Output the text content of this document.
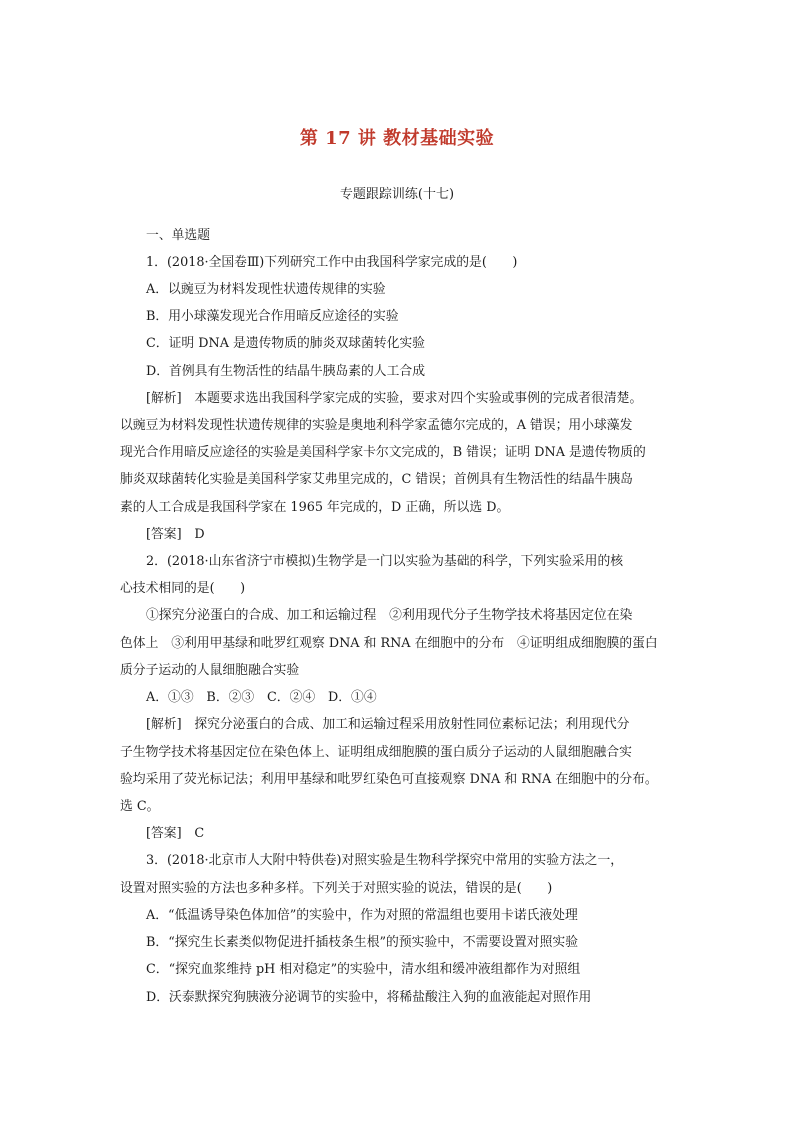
第 17 讲 教材基础实验
专题跟踪训练(十七)
一、单选题
1．(2018·全国卷Ⅲ)下列研究工作中由我国科学家完成的是(　　)
A．以豌豆为材料发现性状遗传规律的实验
B．用小球藻发现光合作用暗反应途径的实验
C．证明 DNA 是遗传物质的肺炎双球菌转化实验
D．首例具有生物活性的结晶牛胰岛素的人工合成
[解析]　本题要求选出我国科学家完成的实验，要求对四个实验或事例的完成者很清楚。
以豌豆为材料发现性状遗传规律的实验是奥地利科学家孟德尔完成的，A 错误；用小球藻发
现光合作用暗反应途径的实验是美国科学家卡尔文完成的，B 错误；证明 DNA 是遗传物质的
肺炎双球菌转化实验是美国科学家艾弗里完成的，C 错误；首例具有生物活性的结晶牛胰岛
素的人工合成是我国科学家在 1965 年完成的，D 正确，所以选 D。
[答案]　D
2．(2018·山东省济宁市模拟)生物学是一门以实验为基础的科学，下列实验采用的核
心技术相同的是(　　)
①探究分泌蛋白的合成、加工和运输过程　②利用现代分子生物学技术将基因定位在染
色体上　③利用甲基绿和吡罗红观察 DNA 和 RNA 在细胞中的分布　④证明组成细胞膜的蛋白
质分子运动的人鼠细胞融合实验
A．①③　B．②③　C．②④　D．①④
[解析]　探究分泌蛋白的合成、加工和运输过程采用放射性同位素标记法；利用现代分
子生物学技术将基因定位在染色体上、证明组成细胞膜的蛋白质分子运动的人鼠细胞融合实
验均采用了荧光标记法；利用甲基绿和吡罗红染色可直接观察 DNA 和 RNA 在细胞中的分布。
选 C。
[答案]　C
3．(2018·北京市人大附中特供卷)对照实验是生物科学探究中常用的实验方法之一，
设置对照实验的方法也多种多样。下列关于对照实验的说法，错误的是(　　)
A．“低温诱导染色体加倍”的实验中，作为对照的常温组也要用卡诺氏液处理
B．“探究生长素类似物促进扦插枝条生根”的预实验中，不需要设置对照实验
C．“探究血浆维持 pH 相对稳定”的实验中，清水组和缓冲液组都作为对照组
D．沃泰默探究狗胰液分泌调节的实验中，将稀盐酸注入狗的血液能起对照作用
